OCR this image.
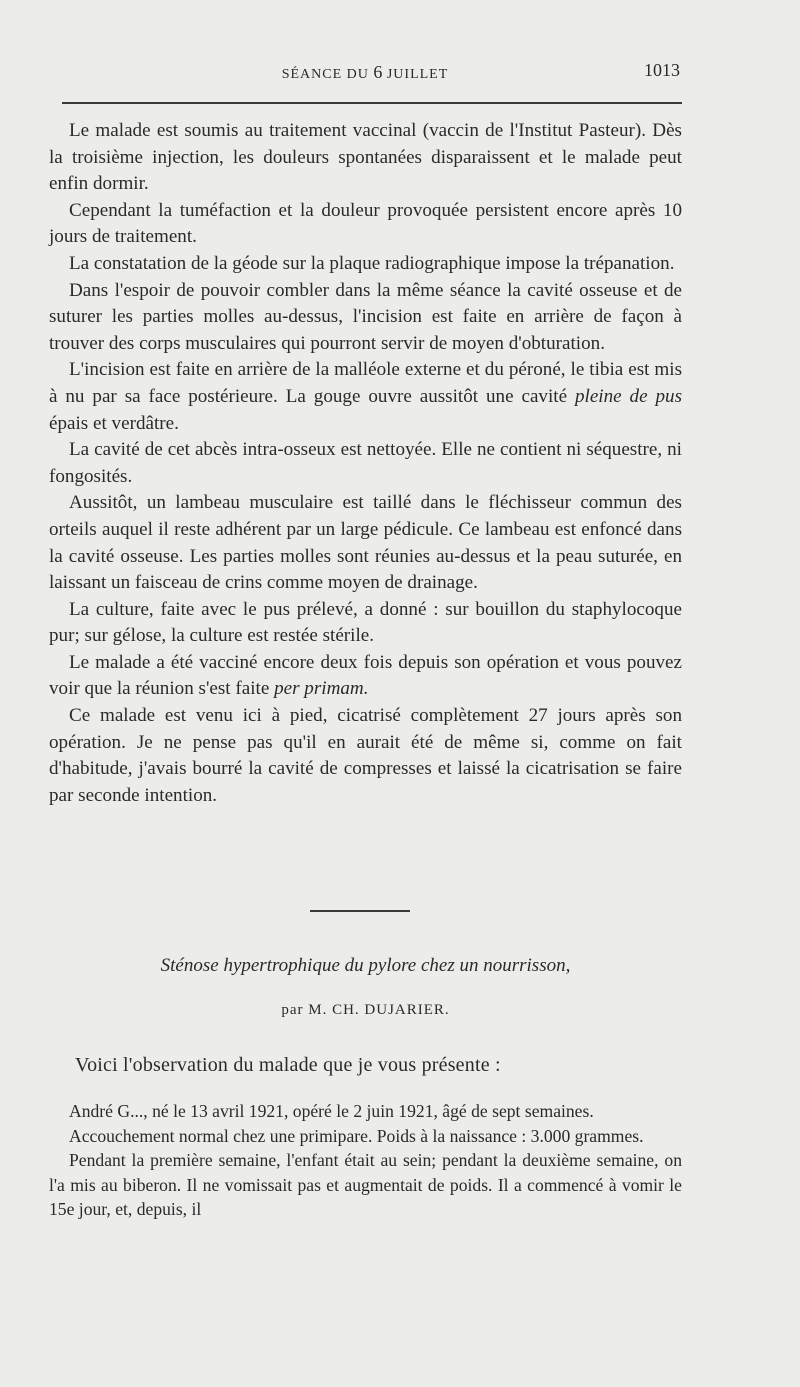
SÉANCE DU 6 JUILLET	1013

Le malade est soumis au traitement vaccinal (vaccin de l'Institut Pasteur). Dès la troisième injection, les douleurs spontanées disparaissent et le malade peut enfin dormir.

Cependant la tuméfaction et la douleur provoquée persistent encore après 10 jours de traitement.

La constatation de la géode sur la plaque radiographique impose la trépanation.

Dans l'espoir de pouvoir combler dans la même séance la cavité osseuse et de suturer les parties molles au-dessus, l'incision est faite en arrière de façon à trouver des corps musculaires qui pourront servir de moyen d'obturation.

L'incision est faite en arrière de la malléole externe et du péroné, le tibia est mis à nu par sa face postérieure. La gouge ouvre aussitôt une cavité pleine de pus épais et verdâtre.

La cavité de cet abcès intra-osseux est nettoyée. Elle ne contient ni séquestre, ni fongosités.

Aussitôt, un lambeau musculaire est taillé dans le fléchisseur commun des orteils auquel il reste adhérent par un large pédicule. Ce lambeau est enfoncé dans la cavité osseuse. Les parties molles sont réunies au-dessus et la peau suturée, en laissant un faisceau de crins comme moyen de drainage.

La culture, faite avec le pus prélevé, a donné : sur bouillon du staphylocoque pur; sur gélose, la culture est restée stérile.

Le malade a été vacciné encore deux fois depuis son opération et vous pouvez voir que la réunion s'est faite per primam.

Ce malade est venu ici à pied, cicatrisé complètement 27 jours après son opération. Je ne pense pas qu'il en aurait été de même si, comme on fait d'habitude, j'avais bourré la cavité de compresses et laissé la cicatrisation se faire par seconde intention.

Sténose hypertrophique du pylore chez un nourrisson,
par M. CH. DUJARIER.
Voici l'observation du malade que je vous présente :

André G..., né le 13 avril 1921, opéré le 2 juin 1921, âgé de sept semaines.

Accouchement normal chez une primipare. Poids à la naissance : 3.000 grammes.

Pendant la première semaine, l'enfant était au sein; pendant la deuxième semaine, on l'a mis au biberon. Il ne vomissait pas et augmentait de poids. Il a commencé à vomir le 15e jour, et, depuis, il
